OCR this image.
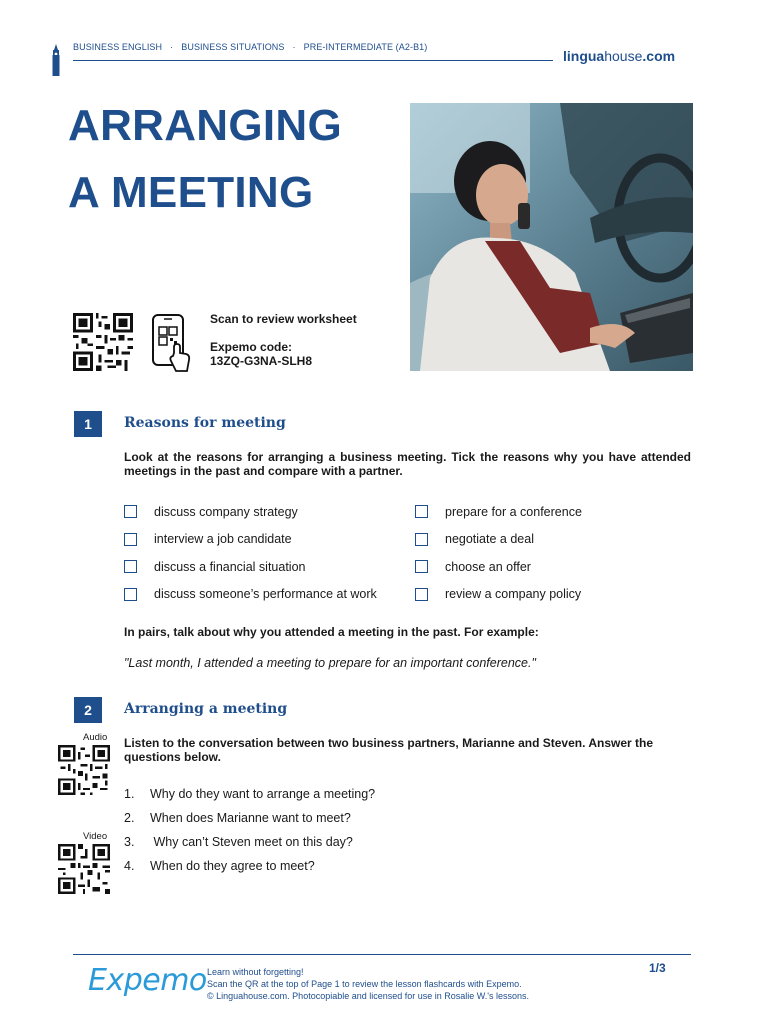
BUSINESS ENGLISH · BUSINESS SITUATIONS · PRE-INTERMEDIATE (A2-B1)
linguahouse.com
ARRANGING
A MEETING
Scan to review worksheet
Expemo code:
13ZQ-G3NA-SLH8
1	Reasons for meeting
Look at the reasons for arranging a business meeting. Tick the reasons why you have attended meetings in the past and compare with a partner.
discuss company strategy
interview a job candidate
discuss a financial situation
discuss someone’s performance at work
prepare for a conference
negotiate a deal
choose an offer
review a company policy
In pairs, talk about why you attended a meeting in the past. For example:
"Last month, I attended a meeting to prepare for an important conference."
2	Arranging a meeting
Audio
Video
Listen to the conversation between two business partners, Marianne and Steven. Answer the questions below.
1.	Why do they want to arrange a meeting?
2.	When does Marianne want to meet?
3.	Why can’t Steven meet on this day?
4.	When do they agree to meet?
Expemo Learn without forgetting!
Scan the QR at the top of Page 1 to review the lesson flashcards with Expemo.
© Linguahouse.com. Photocopiable and licensed for use in Rosalie W.'s lessons.
1/3
